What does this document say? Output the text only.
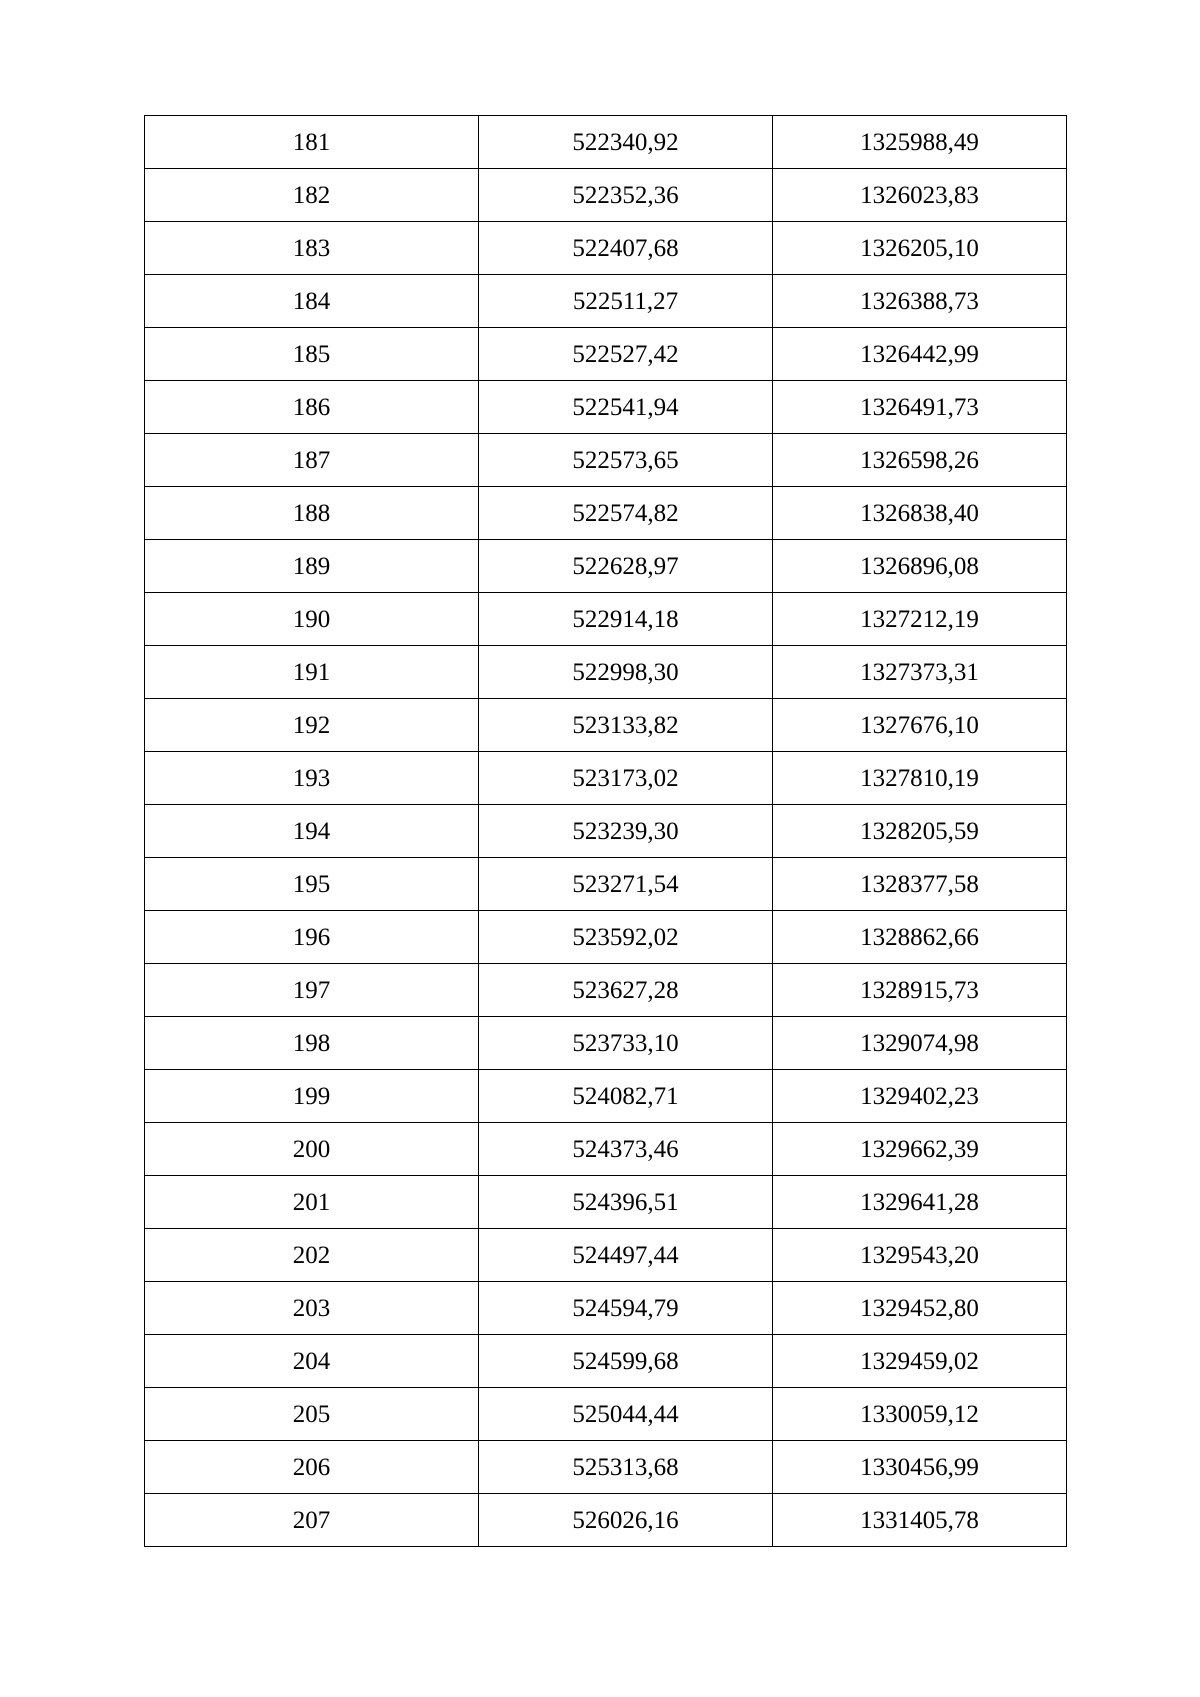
181	522340,92	1325988,49
182	522352,36	1326023,83
183	522407,68	1326205,10
184	522511,27	1326388,73
185	522527,42	1326442,99
186	522541,94	1326491,73
187	522573,65	1326598,26
188	522574,82	1326838,40
189	522628,97	1326896,08
190	522914,18	1327212,19
191	522998,30	1327373,31
192	523133,82	1327676,10
193	523173,02	1327810,19
194	523239,30	1328205,59
195	523271,54	1328377,58
196	523592,02	1328862,66
197	523627,28	1328915,73
198	523733,10	1329074,98
199	524082,71	1329402,23
200	524373,46	1329662,39
201	524396,51	1329641,28
202	524497,44	1329543,20
203	524594,79	1329452,80
204	524599,68	1329459,02
205	525044,44	1330059,12
206	525313,68	1330456,99
207	526026,16	1331405,78
